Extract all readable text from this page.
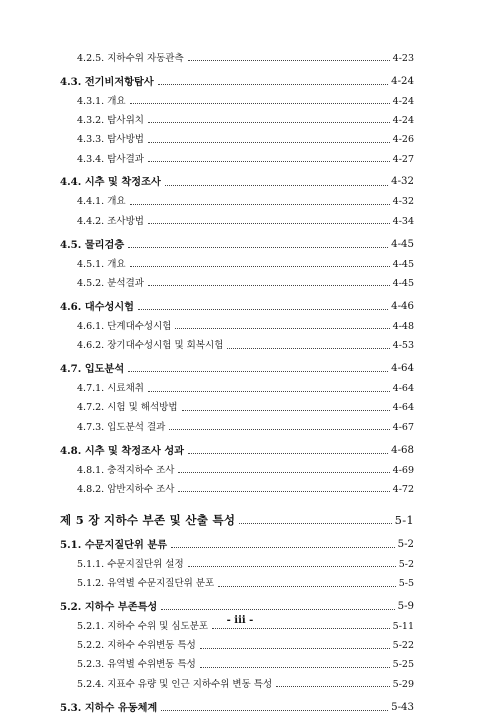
4.2.5. 지하수위 자동관측	4-23
4.3. 전기비저항탐사	4-24
4.3.1. 개요	4-24
4.3.2. 탐사위치	4-24
4.3.3. 탐사방법	4-26
4.3.4. 탐사결과	4-27
4.4. 시추 및 착정조사	4-32
4.4.1. 개요	4-32
4.4.2. 조사방법	4-34
4.5. 물리검층	4-45
4.5.1. 개요	4-45
4.5.2. 분석결과	4-45
4.6. 대수성시험	4-46
4.6.1. 단계대수성시험	4-48
4.6.2. 장기대수성시험 및 회복시험	4-53
4.7. 입도분석	4-64
4.7.1. 시료채취	4-64
4.7.2. 시험 및 해석방법	4-64
4.7.3. 입도분석 결과	4-67
4.8. 시추 및 착정조사 성과	4-68
4.8.1. 충적지하수 조사	4-69
4.8.2. 암반지하수 조사	4-72
제 5 장 지하수 부존 및 산출 특성	5-1
5.1. 수문지질단위 분류	5-2
5.1.1. 수문지질단위 설정	5-2
5.1.2. 유역별 수문지질단위 분포	5-5
5.2. 지하수 부존특성	5-9
5.2.1. 지하수 수위 및 심도분포	5-11
5.2.2. 지하수 수위변동 특성	5-22
5.2.3. 유역별 수위변동 특성	5-25
5.2.4. 지표수 유량 및 인근 지하수위 변동 특성	5-29
5.3. 지하수 유동체계	5-43
- iii -
